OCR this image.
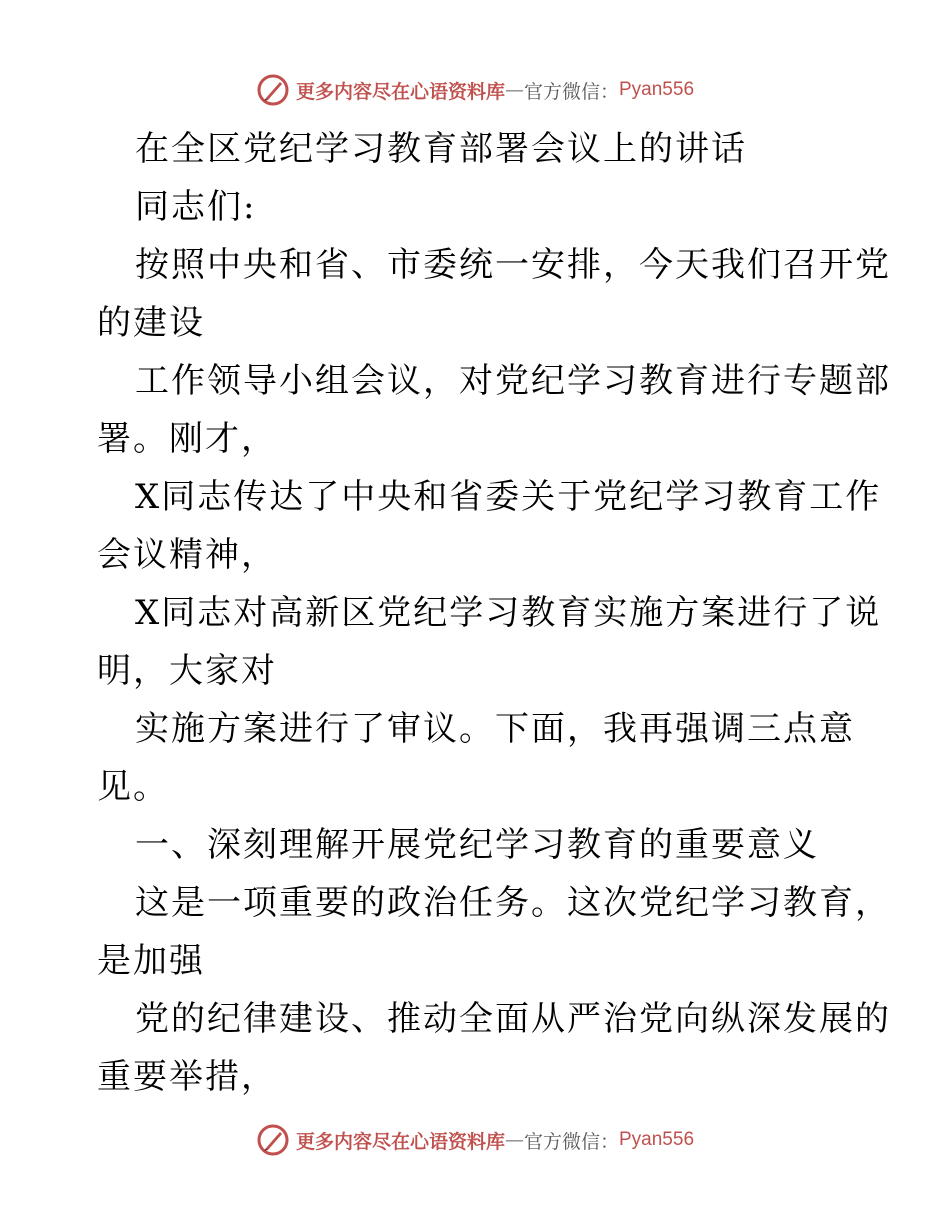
更多内容尽在心语资料库 — 官方微信： Pyan556
在全区党纪学习教育部署会议上的讲话
同志们:
按照中央和省、市委统一安排，今天我们召开党
的建设
工作领导小组会议，对党纪学习教育进行专题部
署。刚才，
X同志传达了中央和省委关于党纪学习教育工作
会议精神，
X同志对高新区党纪学习教育实施方案进行了说
明，大家对
实施方案进行了审议。下面，我再强调三点意
见。
一、深刻理解开展党纪学习教育的重要意义
这是一项重要的政治任务。这次党纪学习教育，
是加强
党的纪律建设、推动全面从严治党向纵深发展的
重要举措，
更多内容尽在心语资料库 — 官方微信： Pyan556
